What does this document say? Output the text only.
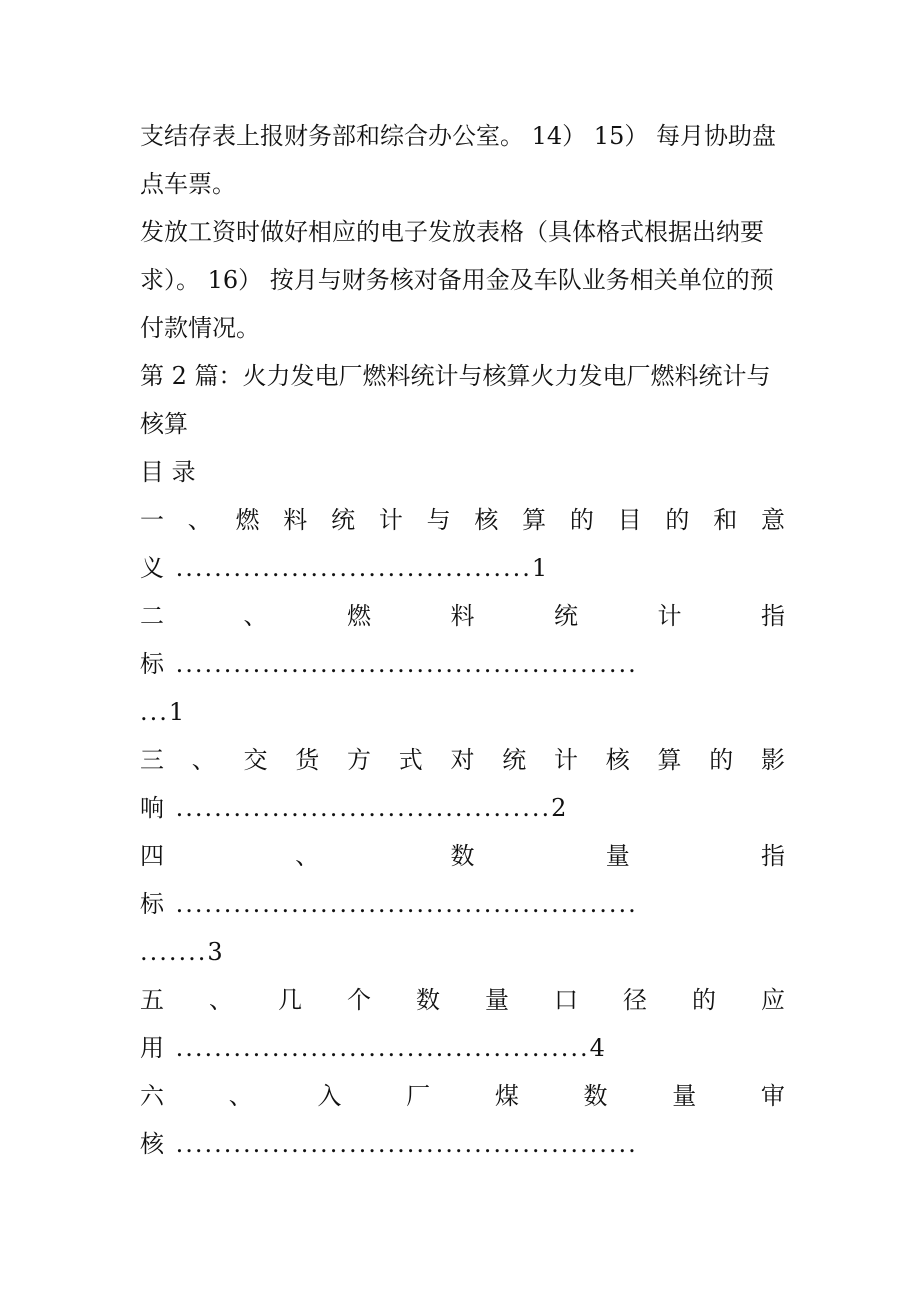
支结存表上报财务部和综合办公室。 14） 15） 每月协助盘
点车票。
发放工资时做好相应的电子发放表格（具体格式根据出纳要
求）。 16） 按月与财务核对备用金及车队业务相关单位的预
付款情况。
第 2 篇：火力发电厂燃料统计与核算火力发电厂燃料统计与
核算
目 录
一 、 燃 料 统 计 与 核 算 的 目 的 和 意
义 .....................................1
二	、	燃	料	统	计	指
标 ................................................
...1
三 、 交 货 方 式 对 统 计 核 算 的 影
响 .......................................2
四	、	数	量	指
标 ................................................
.......3
五 、 几 个 数 量 口 径 的 应
用 ...........................................4
六	、	入	厂	煤	数	量	审
核 ................................................
